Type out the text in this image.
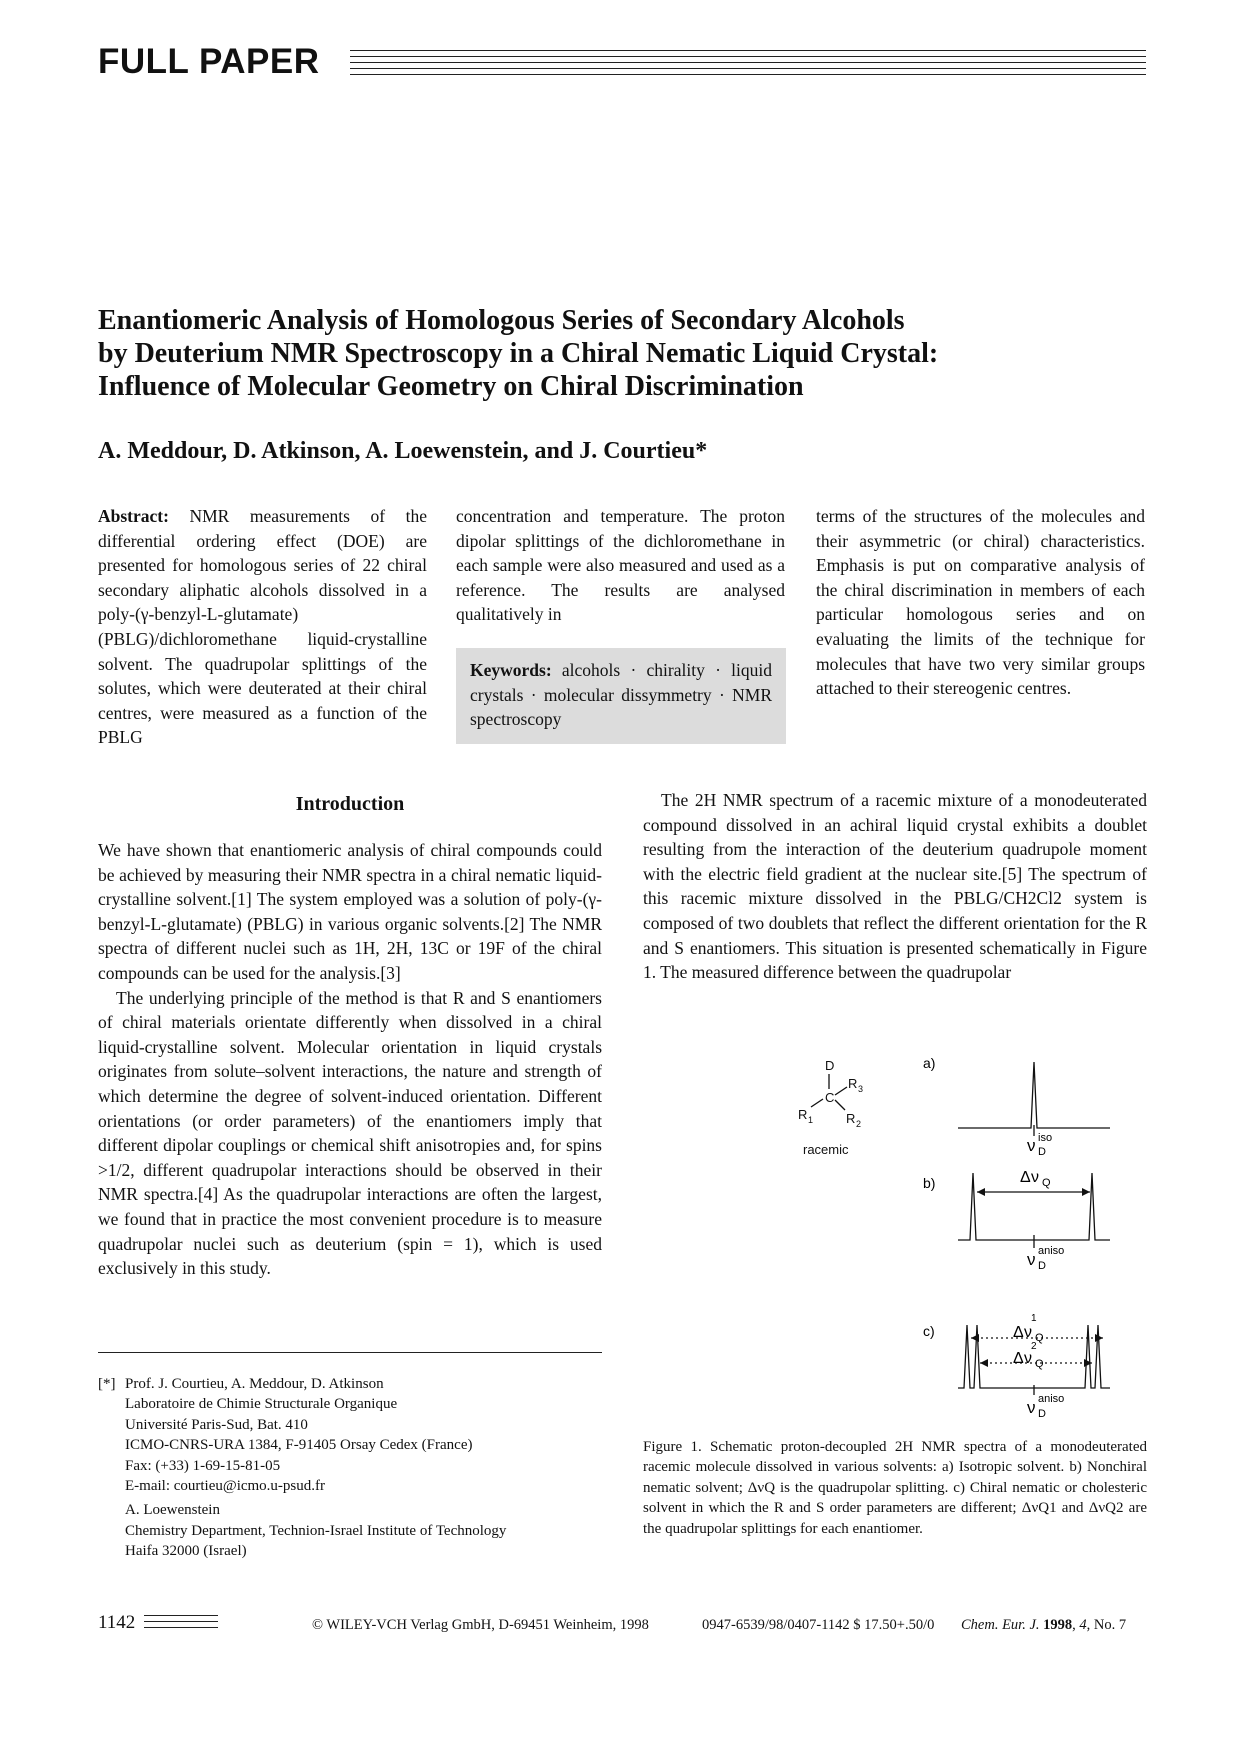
FULL PAPER
Enantiomeric Analysis of Homologous Series of Secondary Alcohols
by Deuterium NMR Spectroscopy in a Chiral Nematic Liquid Crystal:
Influence of Molecular Geometry on Chiral Discrimination
A. Meddour, D. Atkinson, A. Loewenstein, and J. Courtieu*
Abstract: NMR measurements of the differential ordering effect (DOE) are presented for homologous series of 22 chiral secondary aliphatic alcohols dissolved in a poly-(γ-benzyl-L-glutamate) (PBLG)/dichloromethane liquid-crystalline solvent. The quadrupolar splittings of the solutes, which were deuterated at their chiral centres, were measured as a function of the PBLG
concentration and temperature. The proton dipolar splittings of the dichloromethane in each sample were also measured and used as a reference. The results are analysed qualitatively in
Keywords: alcohols · chirality · liquid crystals · molecular dissymmetry · NMR spectroscopy
terms of the structures of the molecules and their asymmetric (or chiral) characteristics. Emphasis is put on comparative analysis of the chiral discrimination in members of each particular homologous series and on evaluating the limits of the technique for molecules that have two very similar groups attached to their stereogenic centres.
Introduction

We have shown that enantiomeric analysis of chiral compounds could be achieved by measuring their NMR spectra in a chiral nematic liquid-crystalline solvent.[1] The system employed was a solution of poly-(γ-benzyl-L-glutamate) (PBLG) in various organic solvents.[2] The NMR spectra of different nuclei such as 1H, 2H, 13C or 19F of the chiral compounds can be used for the analysis.[3]

The underlying principle of the method is that R and S enantiomers of chiral materials orientate differently when dissolved in a chiral liquid-crystalline solvent. Molecular orientation in liquid crystals originates from solute–solvent interactions, the nature and strength of which determine the degree of solvent-induced orientation. Different orientations (or order parameters) of the enantiomers imply that different dipolar couplings or chemical shift anisotropies and, for spins >1/2, different quadrupolar interactions should be observed in their NMR spectra.[4] As the quadrupolar interactions are often the largest, we found that in practice the most convenient procedure is to measure quadrupolar nuclei such as deuterium (spin = 1), which is used exclusively in this study.

The 2H NMR spectrum of a racemic mixture of a monodeuterated compound dissolved in an achiral liquid crystal exhibits a doublet resulting from the interaction of the deuterium quadrupole moment with the electric field gradient at the nuclear site.[5] The spectrum of this racemic mixture dissolved in the PBLG/CH2Cl2 system is composed of two doublets that reflect the different orientation for the R and S enantiomers. This situation is presented schematically in Figure 1. The measured difference between the quadrupolar

[*] Prof. J. Courtieu, A. Meddour, D. Atkinson
Laboratoire de Chimie Structurale Organique
Université Paris-Sud, Bat. 410
ICMO-CNRS-URA 1384, F-91405 Orsay Cedex (France)
Fax: (+33) 1-69-15-81-05
E-mail: courtieu@icmo.u-psud.fr
A. Loewenstein
Chemistry Department, Technion-Israel Institute of Technology
Haifa 32000 (Israel)
D
C
R 3
R 1	R 2
racemic
a)
b)
c)
ν D
iso
Δ ν Q
ν D
aniso
1
Δ ν Q
2
Δ ν Q
ν D
aniso
Figure 1. Schematic proton-decoupled 2H NMR spectra of a monodeuterated racemic molecule dissolved in various solvents: a) Isotropic solvent. b) Nonchiral nematic solvent; ΔνQ is the quadrupolar splitting. c) Chiral nematic or cholesteric solvent in which the R and S order parameters are different; ΔνQ1 and ΔνQ2 are the quadrupolar splittings for each enantiomer.
1142	© WILEY-VCH Verlag GmbH, D-69451 Weinheim, 1998	0947-6539/98/0407-1142 $ 17.50+.50/0 Chem. Eur. J. 1998, 4, No. 7
